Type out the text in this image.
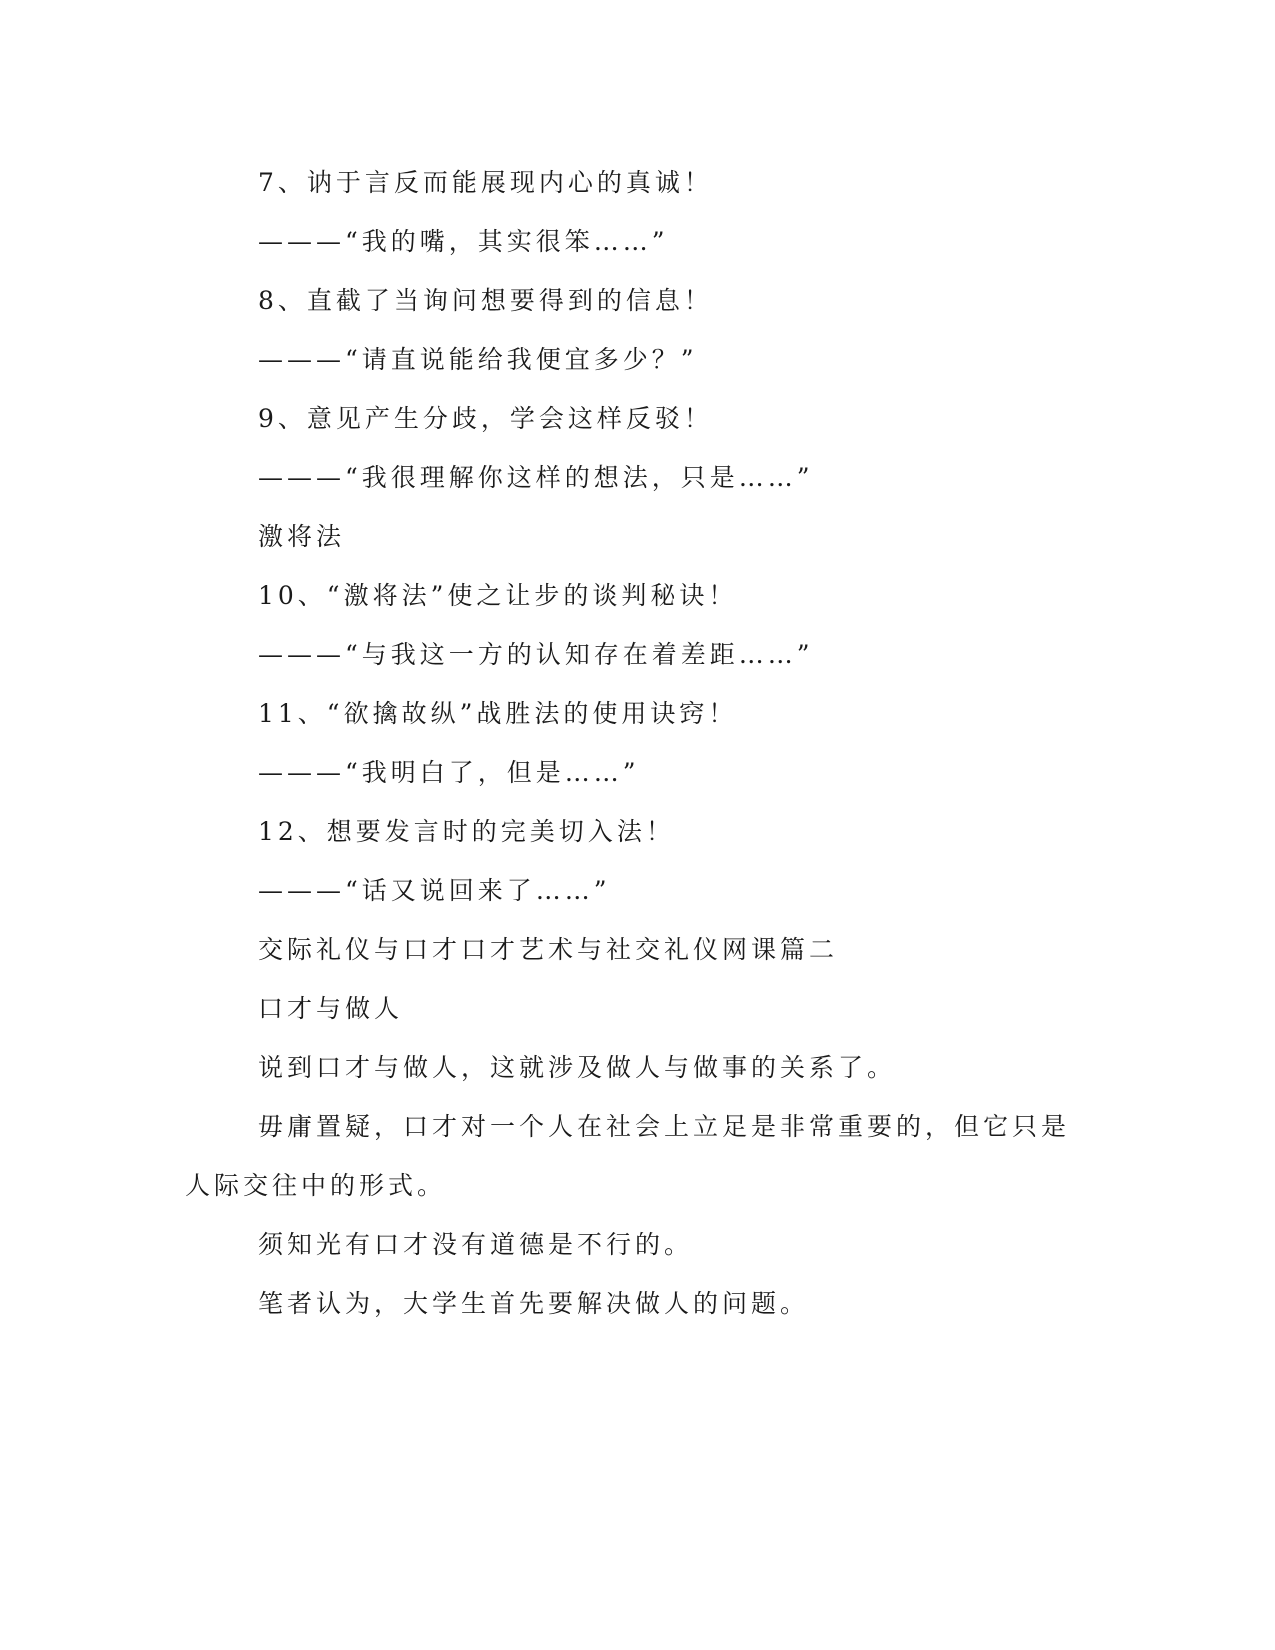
7、讷于言反而能展现内心的真诚！
———“我的嘴，其实很笨……”
8、直截了当询问想要得到的信息！
———“请直说能给我便宜多少？”
9、意见产生分歧，学会这样反驳！
———“我很理解你这样的想法，只是……”
激将法
10、“激将法”使之让步的谈判秘诀！
———“与我这一方的认知存在着差距……”
11、“欲擒故纵”战胜法的使用诀窍！
———“我明白了，但是……”
12、想要发言时的完美切入法！
———“话又说回来了……”
交际礼仪与口才口才艺术与社交礼仪网课篇二
口才与做人
说到口才与做人，这就涉及做人与做事的关系了。
毋庸置疑，口才对一个人在社会上立足是非常重要的，但它只是
人际交往中的形式。
须知光有口才没有道德是不行的。
笔者认为，大学生首先要解决做人的问题。
